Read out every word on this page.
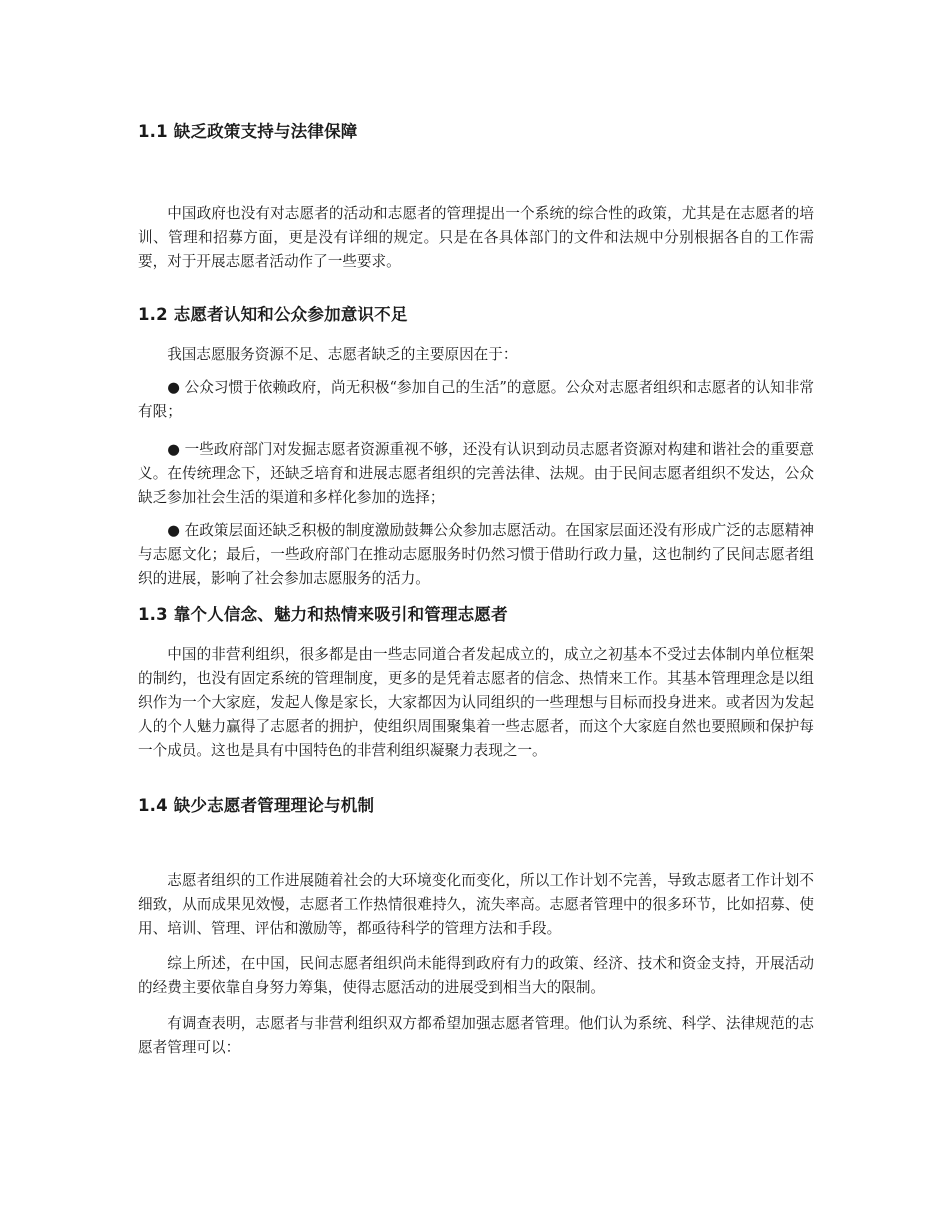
1.1 缺乏政策支持与法律保障

中国政府也没有对志愿者的活动和志愿者的管理提出一个系统的综合性的政策，尤其是在志愿者的培训、管理和招募方面，更是没有详细的规定。只是在各具体部门的文件和法规中分别根据各自的工作需要，对于开展志愿者活动作了一些要求。

1.2 志愿者认知和公众参加意识不足

我国志愿服务资源不足、志愿者缺乏的主要原因在于：

● 公众习惯于依赖政府，尚无积极“参加自己的生活”的意愿。公众对志愿者组织和志愿者的认知非常有限；

● 一些政府部门对发掘志愿者资源重视不够，还没有认识到动员志愿者资源对构建和谐社会的重要意义。在传统理念下，还缺乏培育和进展志愿者组织的完善法律、法规。由于民间志愿者组织不发达，公众缺乏参加社会生活的渠道和多样化参加的选择；

● 在政策层面还缺乏积极的制度激励鼓舞公众参加志愿活动。在国家层面还没有形成广泛的志愿精神与志愿文化；最后，一些政府部门在推动志愿服务时仍然习惯于借助行政力量，这也制约了民间志愿者组织的进展，影响了社会参加志愿服务的活力。

1.3 靠个人信念、魅力和热情来吸引和管理志愿者

中国的非营利组织，很多都是由一些志同道合者发起成立的，成立之初基本不受过去体制内单位框架的制约，也没有固定系统的管理制度，更多的是凭着志愿者的信念、热情来工作。其基本管理理念是以组织作为一个大家庭，发起人像是家长，大家都因为认同组织的一些理想与目标而投身进来。或者因为发起人的个人魅力赢得了志愿者的拥护，使组织周围聚集着一些志愿者，而这个大家庭自然也要照顾和保护每一个成员。这也是具有中国特色的非营利组织凝聚力表现之一。

1.4 缺少志愿者管理理论与机制

志愿者组织的工作进展随着社会的大环境变化而变化，所以工作计划不完善，导致志愿者工作计划不细致，从而成果见效慢，志愿者工作热情很难持久，流失率高。志愿者管理中的很多环节，比如招募、使用、培训、管理、评估和激励等，都亟待科学的管理方法和手段。

综上所述，在中国，民间志愿者组织尚未能得到政府有力的政策、经济、技术和资金支持，开展活动的经费主要依靠自身努力筹集，使得志愿活动的进展受到相当大的限制。

有调查表明，志愿者与非营利组织双方都希望加强志愿者管理。他们认为系统、科学、法律规范的志愿者管理可以：
